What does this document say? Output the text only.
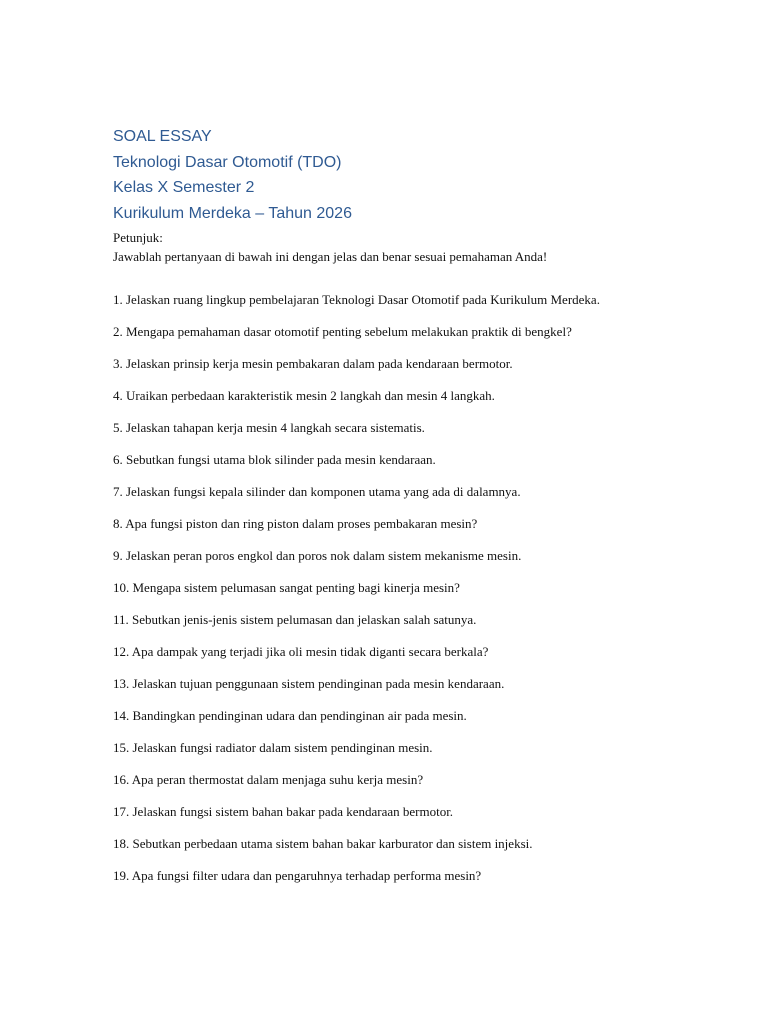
SOAL ESSAY
Teknologi Dasar Otomotif (TDO)
Kelas X Semester 2
Kurikulum Merdeka – Tahun 2026

Petunjuk:

Jawablah pertanyaan di bawah ini dengan jelas dan benar sesuai pemahaman Anda!

1. Jelaskan ruang lingkup pembelajaran Teknologi Dasar Otomotif pada Kurikulum Merdeka.
2. Mengapa pemahaman dasar otomotif penting sebelum melakukan praktik di bengkel?
3. Jelaskan prinsip kerja mesin pembakaran dalam pada kendaraan bermotor.
4. Uraikan perbedaan karakteristik mesin 2 langkah dan mesin 4 langkah.
5. Jelaskan tahapan kerja mesin 4 langkah secara sistematis.
6. Sebutkan fungsi utama blok silinder pada mesin kendaraan.
7. Jelaskan fungsi kepala silinder dan komponen utama yang ada di dalamnya.
8. Apa fungsi piston dan ring piston dalam proses pembakaran mesin?
9. Jelaskan peran poros engkol dan poros nok dalam sistem mekanisme mesin.
10. Mengapa sistem pelumasan sangat penting bagi kinerja mesin?
11. Sebutkan jenis-jenis sistem pelumasan dan jelaskan salah satunya.
12. Apa dampak yang terjadi jika oli mesin tidak diganti secara berkala?
13. Jelaskan tujuan penggunaan sistem pendinginan pada mesin kendaraan.
14. Bandingkan pendinginan udara dan pendinginan air pada mesin.
15. Jelaskan fungsi radiator dalam sistem pendinginan mesin.
16. Apa peran thermostat dalam menjaga suhu kerja mesin?
17. Jelaskan fungsi sistem bahan bakar pada kendaraan bermotor.
18. Sebutkan perbedaan utama sistem bahan bakar karburator dan sistem injeksi.
19. Apa fungsi filter udara dan pengaruhnya terhadap performa mesin?
